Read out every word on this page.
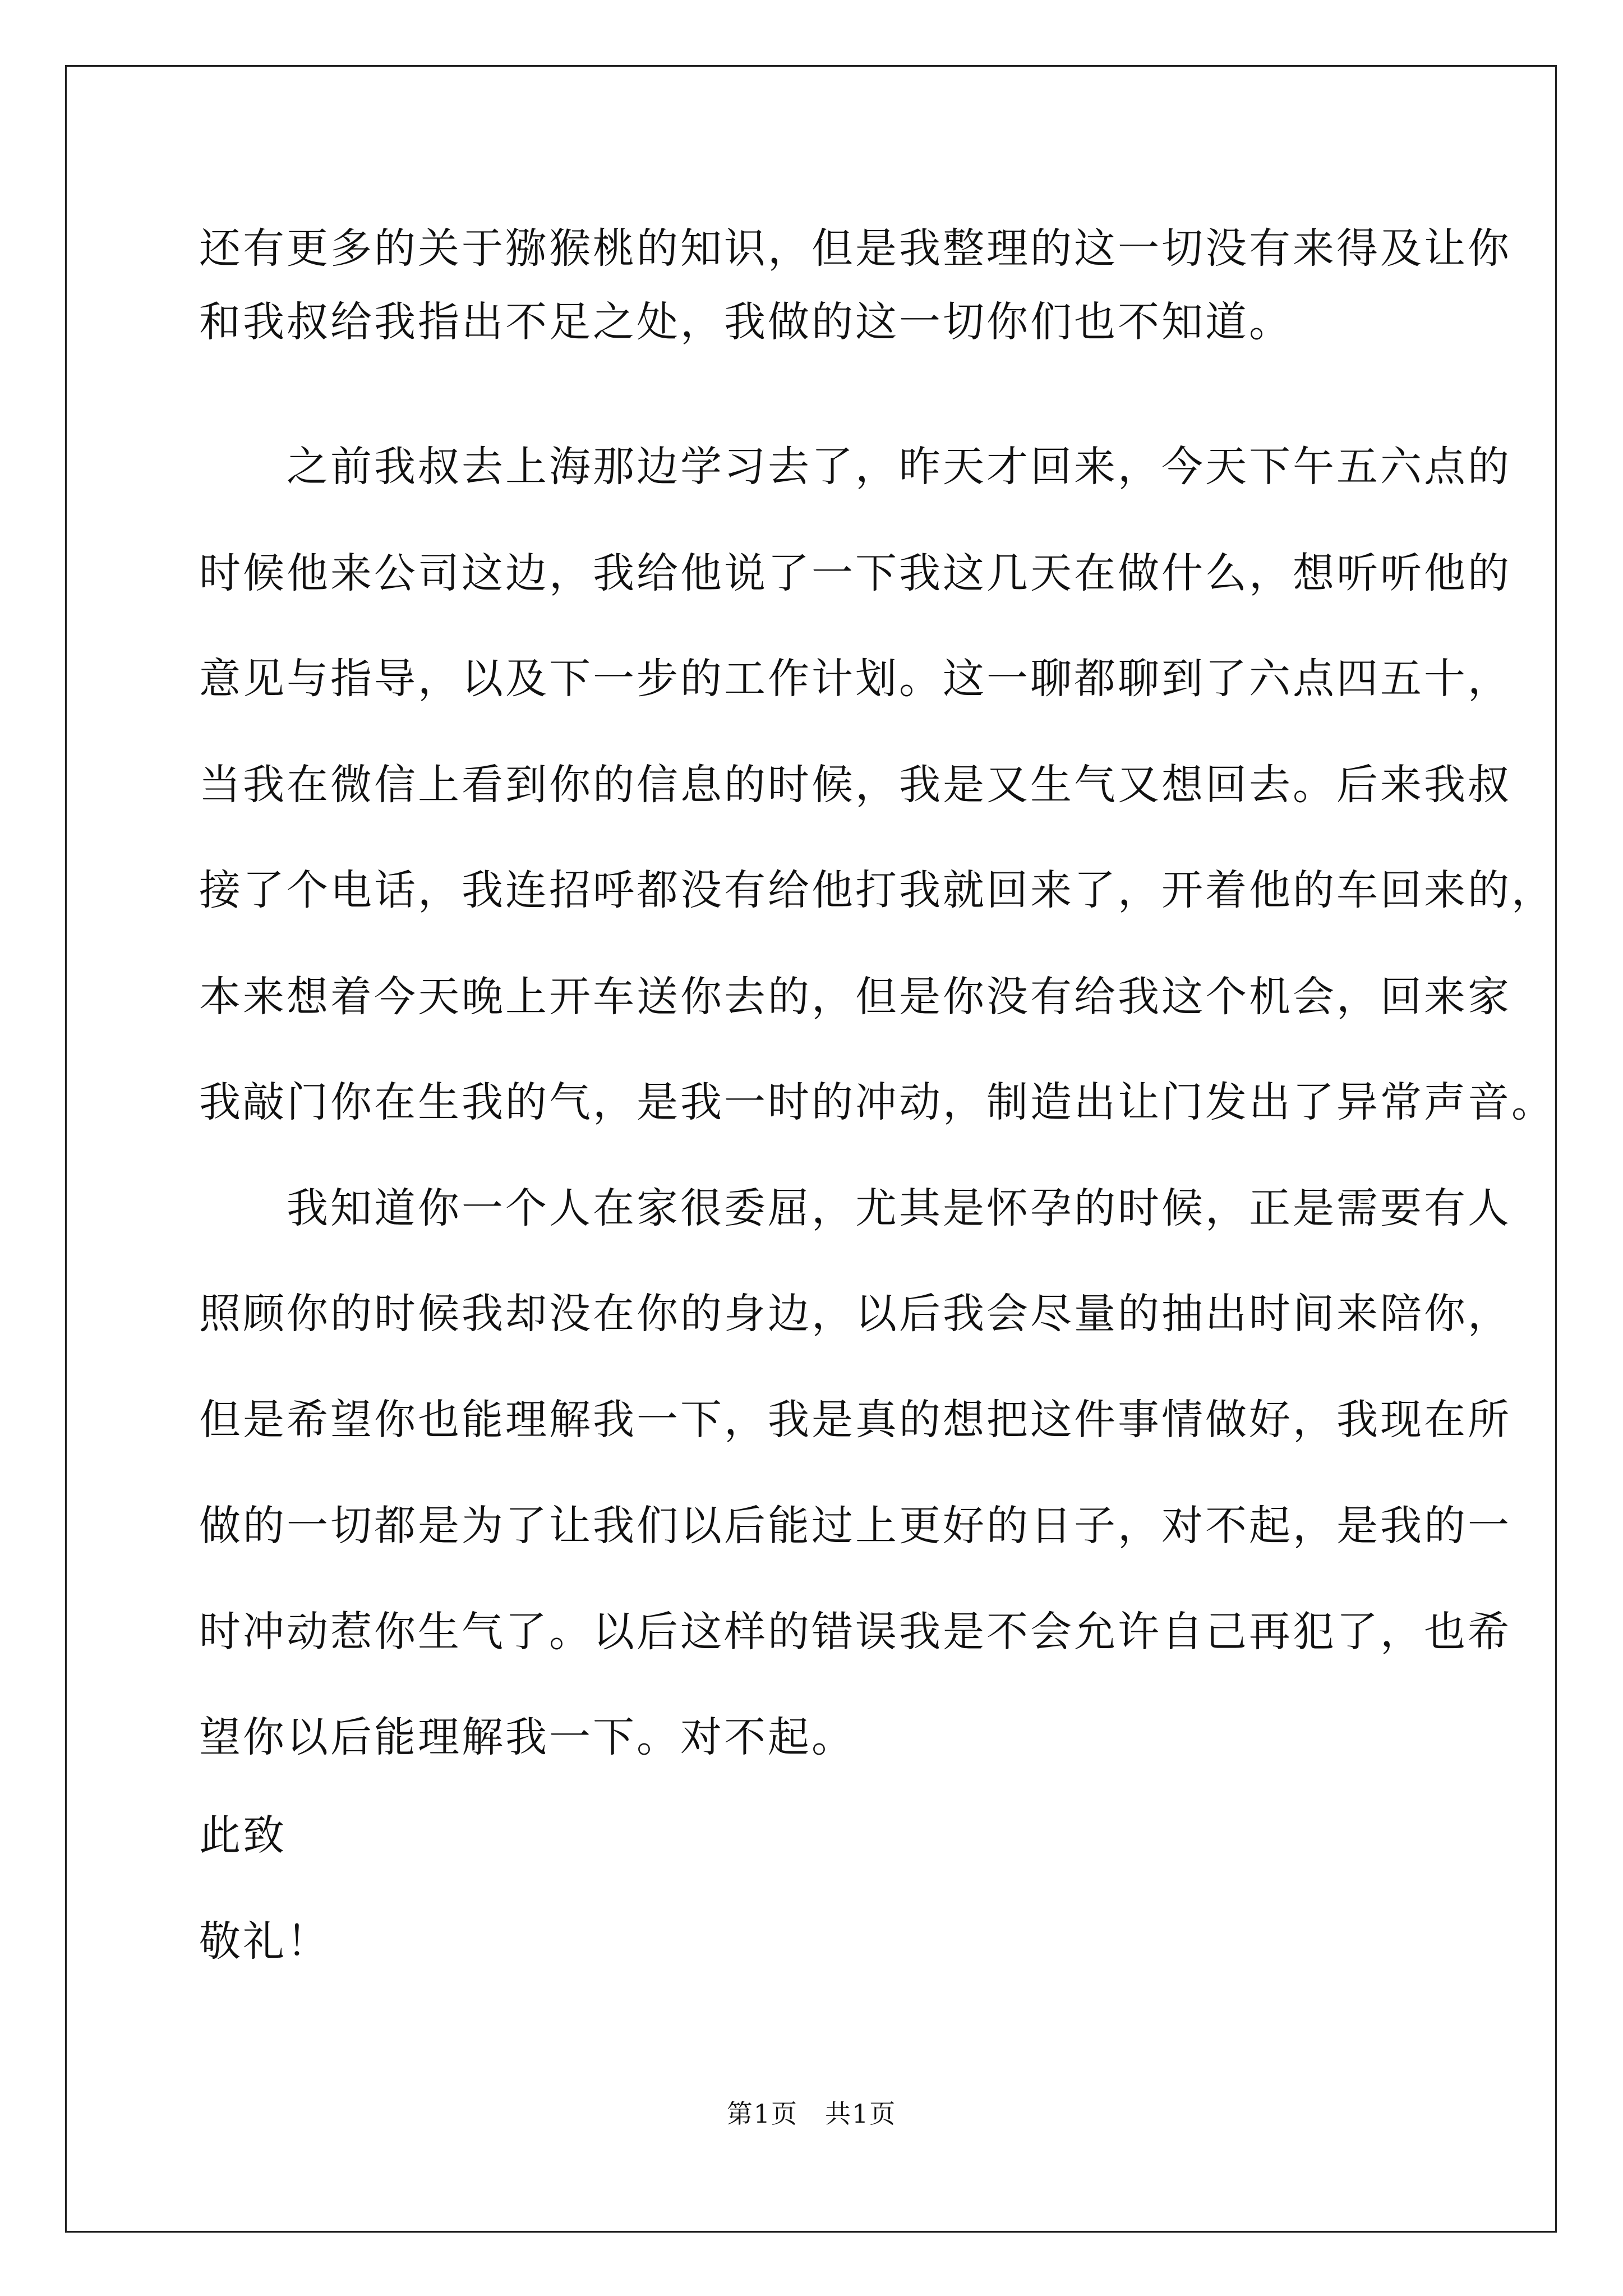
还有更多的关于猕猴桃的知识，但是我整理的这一切没有来得及让你
和我叔给我指出不足之处，我做的这一切你们也不知道。
　　之前我叔去上海那边学习去了，昨天才回来，今天下午五六点的
时候他来公司这边，我给他说了一下我这几天在做什么，想听听他的
意见与指导，以及下一步的工作计划。这一聊都聊到了六点四五十，
当我在微信上看到你的信息的时候，我是又生气又想回去。后来我叔
接了个电话，我连招呼都没有给他打我就回来了，开着他的车回来的，
本来想着今天晚上开车送你去的，但是你没有给我这个机会，回来家
我敲门你在生我的气，是我一时的冲动，制造出让门发出了异常声音。
　　我知道你一个人在家很委屈，尤其是怀孕的时候，正是需要有人
照顾你的时候我却没在你的身边，以后我会尽量的抽出时间来陪你，
但是希望你也能理解我一下，我是真的想把这件事情做好，我现在所
做的一切都是为了让我们以后能过上更好的日子，对不起，是我的一
时冲动惹你生气了。以后这样的错误我是不会允许自己再犯了，也希
望你以后能理解我一下。对不起。
此致
敬礼！
第1页　共1页
